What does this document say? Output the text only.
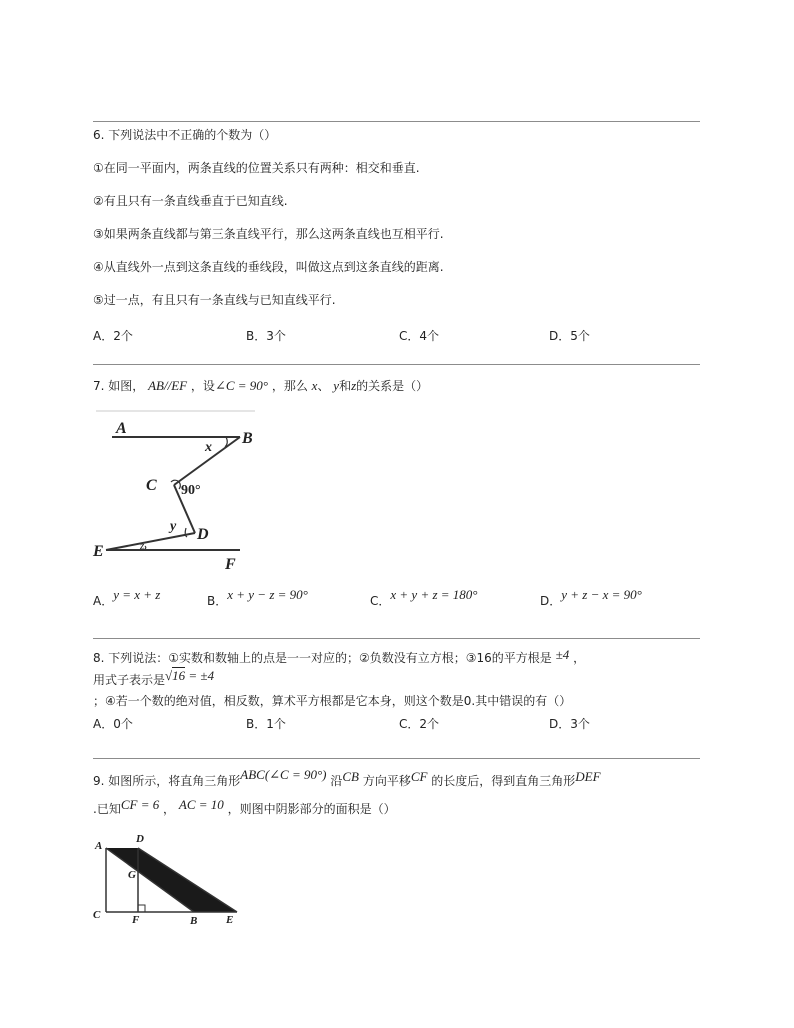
6. 下列说法中不正确的个数为（）
①在同一平面内，两条直线的位置关系只有两种：相交和垂直.
②有且只有一条直线垂直于已知直线.
③如果两条直线都与第三条直线平行，那么这两条直线也互相平行.
④从直线外一点到这条直线的垂线段，叫做这点到这条直线的距离.
⑤过一点，有且只有一条直线与已知直线平行.
A．2个	B．3个	C．4个	D．5个
7. 如图， AB//EF ，设∠C = 90° ，那么 x、 y和z的关系是（）
A
B
x
C 90°
y D
z
E
F
A．y = x + z	B．x + y − z = 90°	C．x + y + z = 180°	D．y + z − x = 90°
8. 下列说法：①实数和数轴上的点是一一对应的；②负数没有立方根；③16的平方根是 ±4 ，
用式子表示是√16 = ±4
；④若一个数的绝对值，相反数，算术平方根都是它本身，则这个数是0.其中错误的有（）
A．0个	B．1个	C．2个	D．3个
9. 如图所示，将直角三角形ABC(∠C = 90°) 沿CB 方向平移CF 的长度后，得到直角三角形DEF
.已知CF = 6 ， AC = 10 ，则图中阴影部分的面积是（）
A
D
G
C	F	B	E
